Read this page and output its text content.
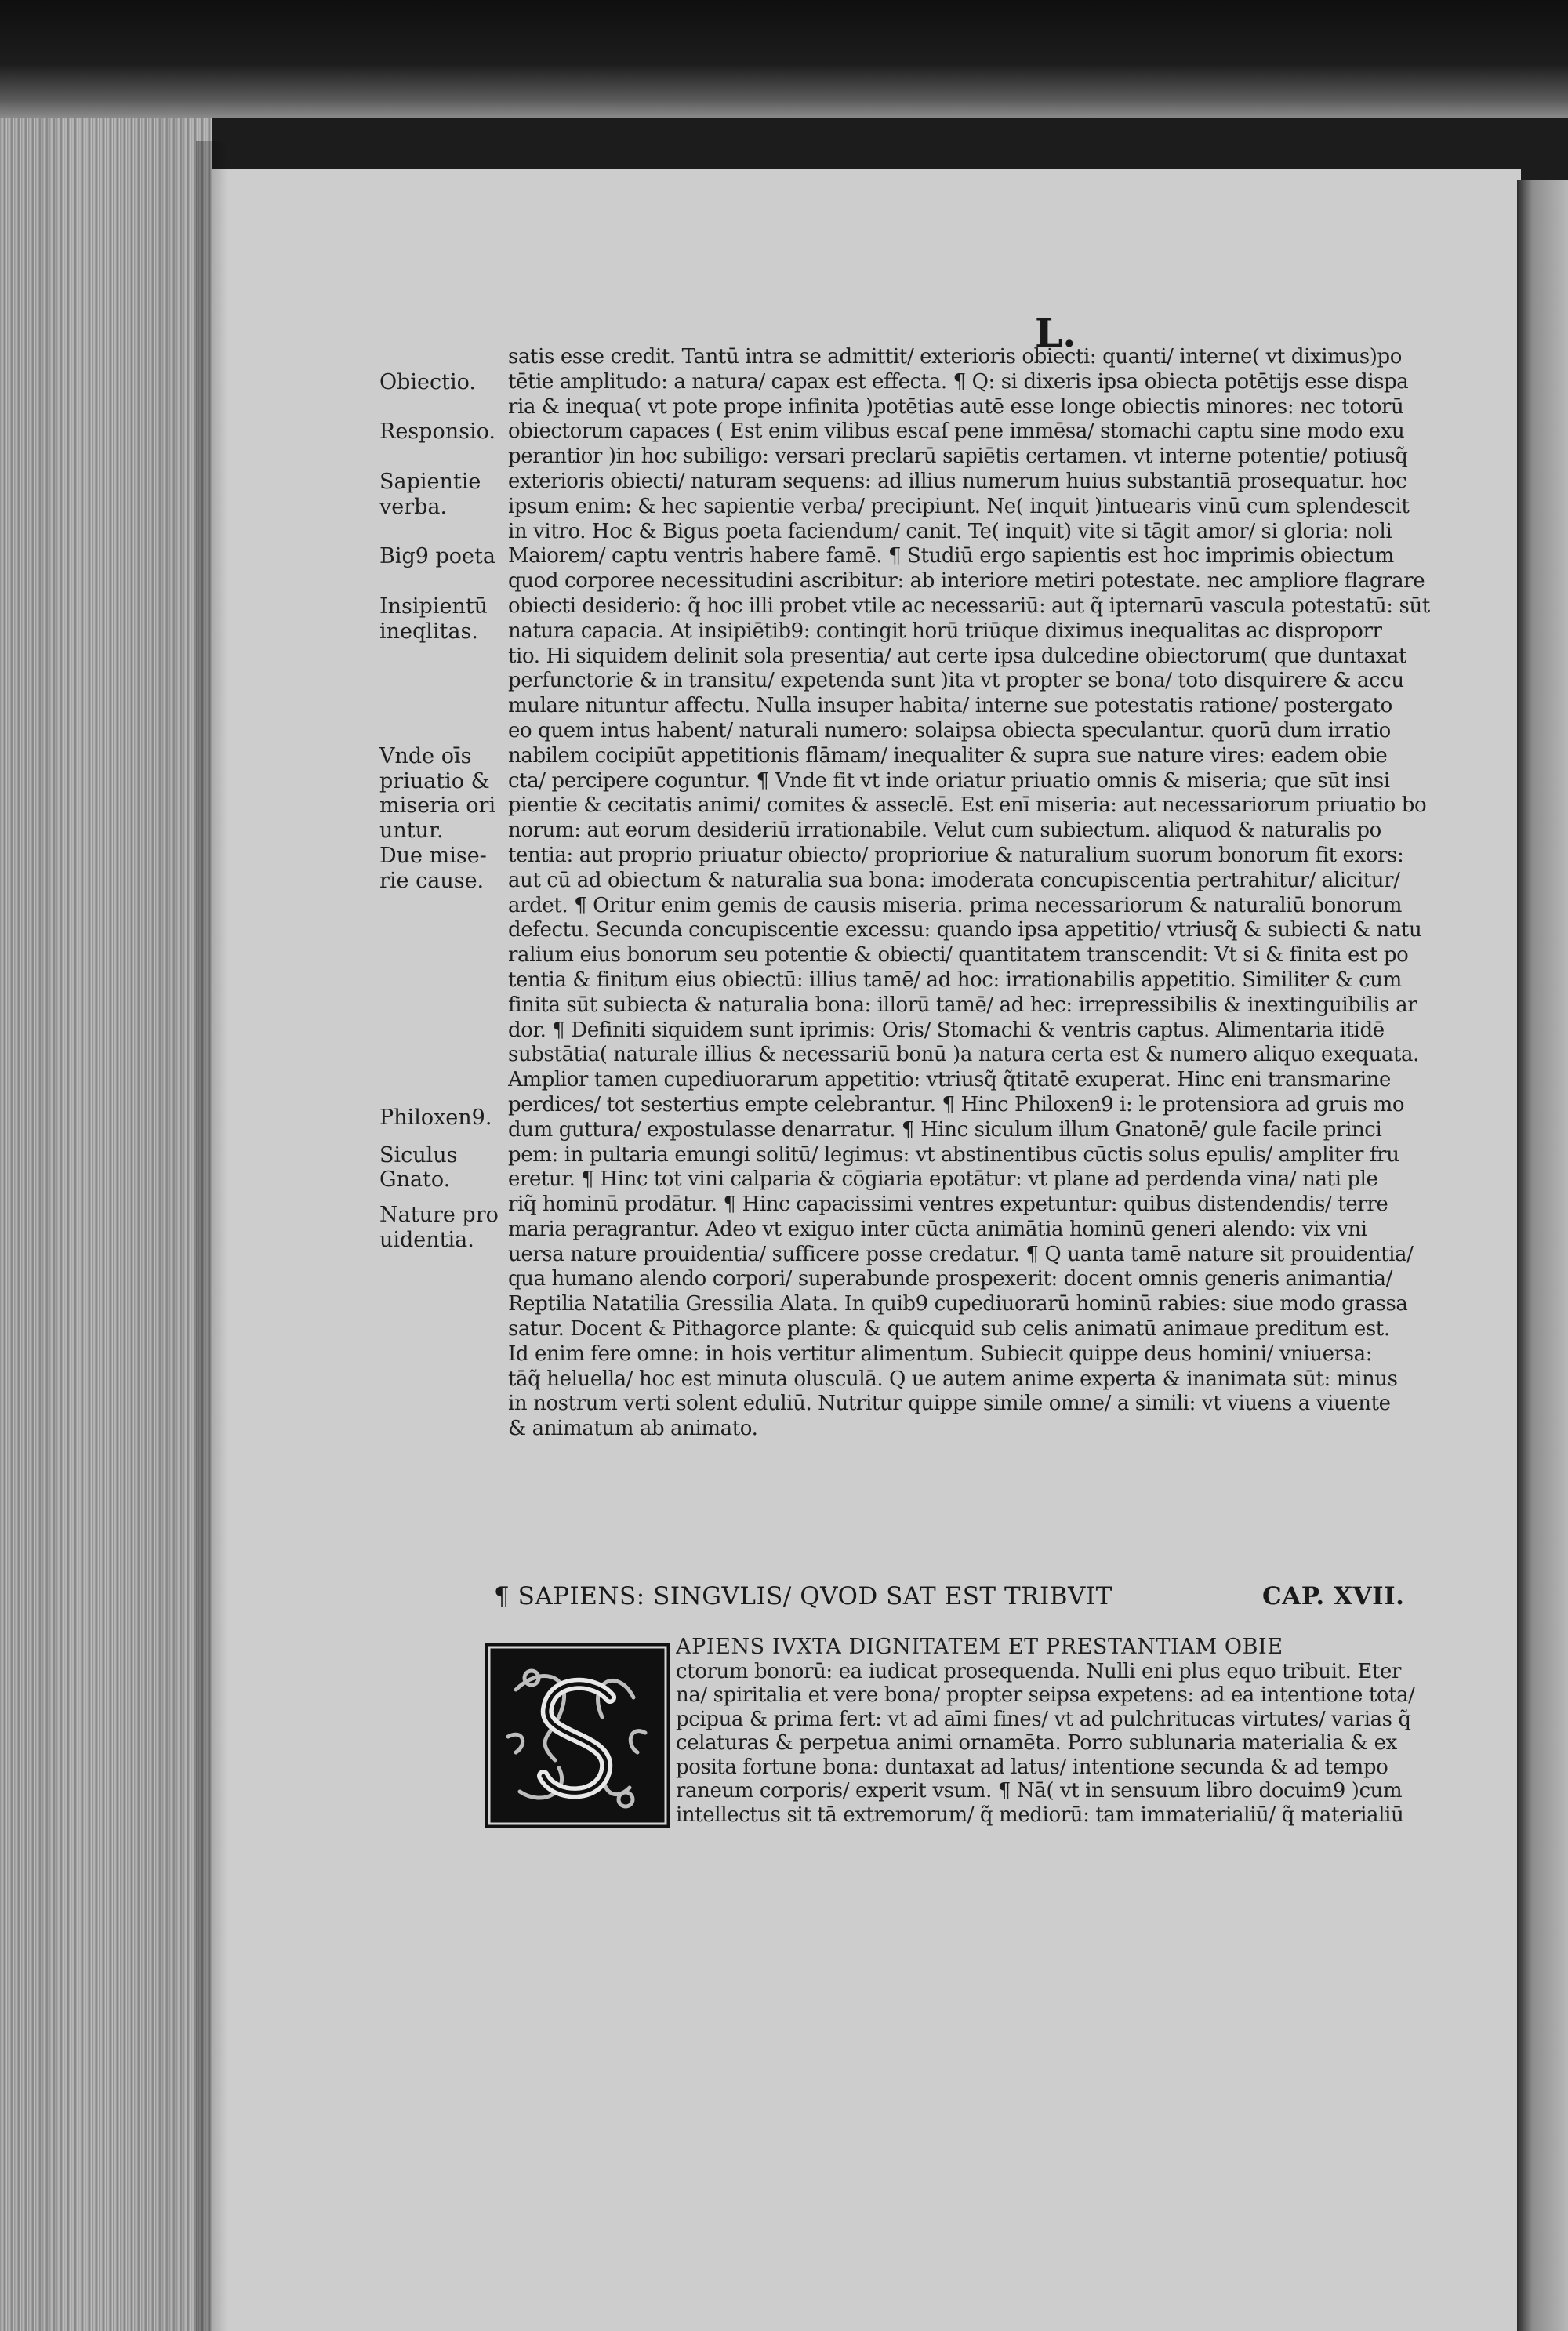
L.
satis esse credit. Tantū intra se admittit/ exterioris obiecti: quanti/ interne( vt diximus)po
tētie amplitudo: a natura/ capax est effecta. ¶ Q: si dixeris ipsa obiecta potētijs esse dispa
ria & inequa( vt pote prope infinita )potētias autē esse longe obiectis minores: nec totorū
obiectorum capaces ( Est enim vilibus escaſ pene immēsa/ stomachi captu sine modo exu
perantior )in hoc subiligo: versari preclarū sapiētis certamen. vt interne potentie/ potiusq̃
exterioris obiecti/ naturam sequens: ad illius numerum huius substantiā prosequatur. hoc
ipsum enim: & hec sapientie verba/ precipiunt. Ne( inquit )intuearis vinū cum splendescit
in vitro. Hoc & Bigus poeta faciendum/ canit. Te( inquit) vite si tāgit amor/ si gloria: noli
Maiorem/ captu ventris habere famē. ¶ Studiū ergo sapientis est hoc imprimis obiectum
quod corporee necessitudini ascribitur: ab interiore metiri potestate. nec ampliore flagrare
obiecti desiderio: q̃ hoc illi probet vtile ac necessariū: aut q̃ ipternarū vascula potestatū: sūt
natura capacia. At insipiētib9: contingit horū triūque diximus inequalitas ac disproporr
tio. Hi siquidem delinit sola presentia/ aut certe ipsa dulcedine obiectorum( que duntaxat
perfunctorie & in transitu/ expetenda sunt )ita vt propter se bona/ toto disquirere & accu
mulare nituntur affectu. Nulla insuper habita/ interne sue potestatis ratione/ postergato
eo quem intus habent/ naturali numero: solaipsa obiecta speculantur. quorū dum irratio
nabilem cocipiūt appetitionis flāmam/ inequaliter & supra sue nature vires: eadem obie
cta/ percipere coguntur. ¶ Vnde fit vt inde oriatur priuatio omnis & miseria; que sūt insi
pientie & cecitatis animi/ comites & asseclē. Est enī miseria: aut necessariorum priuatio bo
norum: aut eorum desideriū irrationabile. Velut cum subiectum. aliquod & naturalis po
tentia: aut proprio priuatur obiecto/ proprioriue & naturalium suorum bonorum fit exors:
aut cū ad obiectum & naturalia sua bona: imoderata concupiscentia pertrahitur/ alicitur/
ardet. ¶ Oritur enim gemis de causis miseria. prima necessariorum & naturaliū bonorum
defectu. Secunda concupiscentie excessu: quando ipsa appetitio/ vtriusq̃ & subiecti & natu
ralium eius bonorum seu potentie & obiecti/ quantitatem transcendit: Vt si & finita est po
tentia & finitum eius obiectū: illius tamē/ ad hoc: irrationabilis appetitio. Similiter & cum
finita sūt subiecta & naturalia bona: illorū tamē/ ad hec: irrepressibilis & inextinguibilis ar
dor. ¶ Definiti siquidem sunt iprimis: Oris/ Stomachi & ventris captus. Alimentaria itidē
substātia( naturale illius & necessariū bonū )a natura certa est & numero aliquo exequata.
Amplior tamen cupediuorarum appetitio: vtriusq̃ q̃titatē exuperat. Hinc eni transmarine
perdices/ tot sestertius empte celebrantur. ¶ Hinc Philoxen9 i: le protensiora ad gruis mo
dum guttura/ expostulasse denarratur. ¶ Hinc siculum illum Gnatonē/ gule facile princi
pem: in pultaria emungi solitū/ legimus: vt abstinentibus cūctis solus epulis/ ampliter fru
eretur. ¶ Hinc tot vini calparia & cōgiaria epotātur: vt plane ad perdenda vina/ nati ple
riq̃ hominū prodātur. ¶ Hinc capacissimi ventres expetuntur: quibus distendendis/ terre
maria peragrantur. Adeo vt exiguo inter cūcta animātia hominū generi alendo: vix vni
uersa nature prouidentia/ sufficere posse credatur. ¶ Q uanta tamē nature sit prouidentia/
qua humano alendo corpori/ superabunde prospexerit: docent omnis generis animantia/
Reptilia Natatilia Gressilia Alata. In quib9 cupediuorarū hominū rabies: siue modo grassa
satur. Docent & Pithagorce plante: & quicquid sub celis animatū animaue preditum est.
Id enim fere omne: in hois vertitur alimentum. Subiecit quippe deus homini/ vniuersa:
tāq̃ heluella/ hoc est minuta olusculā. Q ue autem anime experta & inanimata sūt: minus
in nostrum verti solent eduliū. Nutritur quippe simile omne/ a simili: vt viuens a viuente
& animatum ab animato.
Obiectio.
Responsio.
Sapientie
verba.
Big9 poeta
Insipientū
ineqlitas.
Vnde oīs
priuatio &
miseria ori
untur.
Due mise-
rie cause.
Philoxen9.
Siculus
Gnato.
Nature pro
uidentia.
¶ SAPIENS: SINGVLIS/ QVOD SAT EST TRIBVIT	CAP. XVII.
APIENS IVXTA DIGNITATEM ET PRESTANTIAM OBIE
ctorum bonorū: ea iudicat prosequenda. Nulli eni plus equo tribuit. Eter
na/ spiritalia et vere bona/ propter seipsa expetens: ad ea intentione tota/
pcipua & prima fert: vt ad aīmi fines/ vt ad pulchritucas virtutes/ varias q̃
celaturas & perpetua animi ornamēta. Porro sublunaria materialia & ex
posita fortune bona: duntaxat ad latus/ intentione secunda & ad tempo
raneum corporis/ experit vsum. ¶ Nā( vt in sensuum libro docuim9 )cum
intellectus sit tā extremorum/ q̃ mediorū: tam immaterialiū/ q̃ materialiū
